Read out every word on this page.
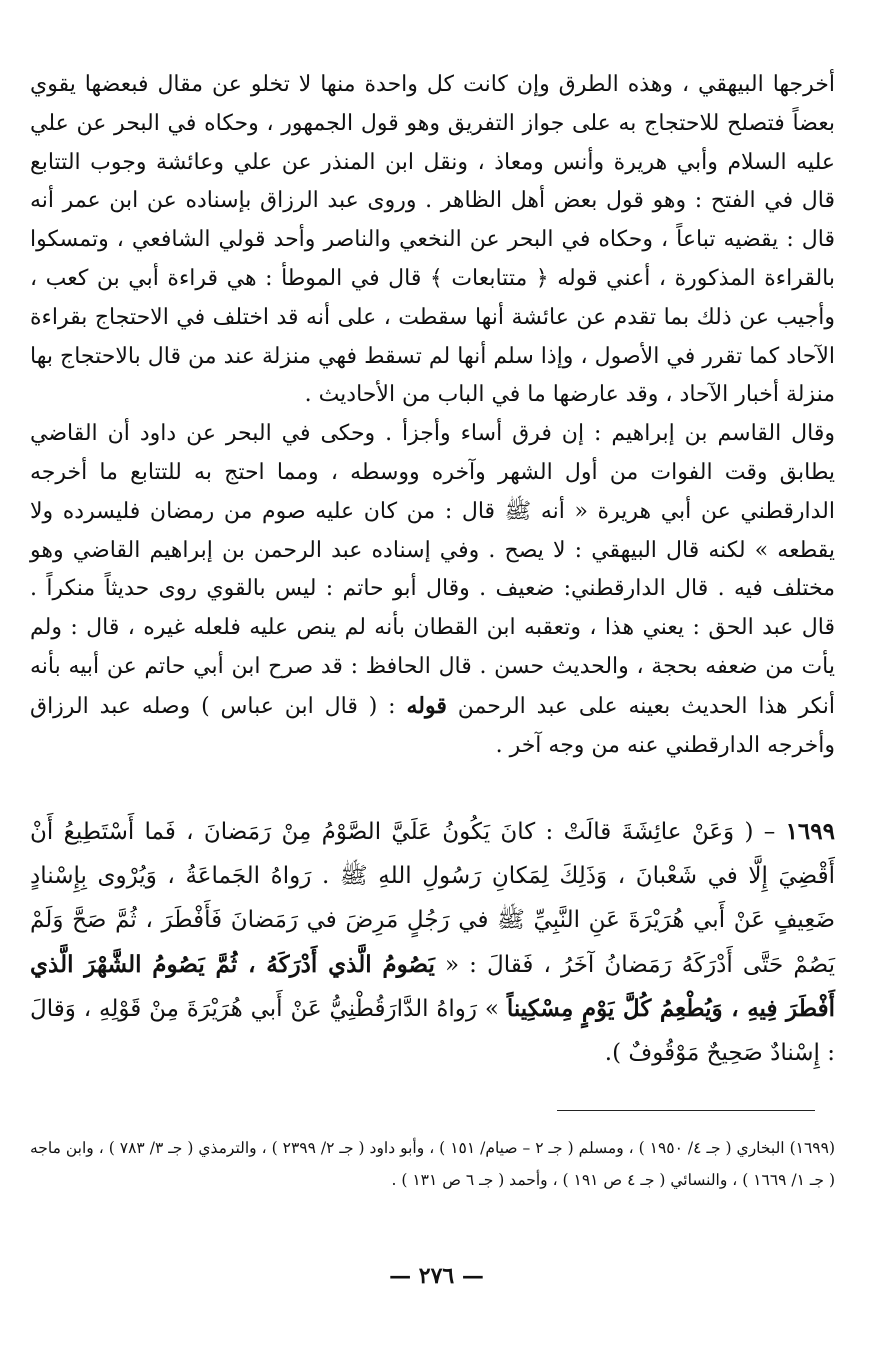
أخرجها البيهقي ، وهذه الطرق وإن كانت كل واحدة منها لا تخلو عن مقال فبعضها يقوي بعضاً فتصلح للاحتجاج به على جواز التفريق وهو قول الجمهور ، وحكاه في البحر عن علي عليه السلام وأبي هريرة وأنس ومعاذ ، ونقل ابن المنذر عن علي وعائشة وجوب التتابع قال في الفتح : وهو قول بعض أهل الظاهر . وروى عبد الرزاق بإسناده عن ابن عمر أنه قال : يقضيه تباعاً ، وحكاه في البحر عن النخعي والناصر وأحد قولي الشافعي ، وتمسكوا بالقراءة المذكورة ، أعني قوله ﴿ متتابعات ﴾ قال في الموطأ : هي قراءة أبي بن كعب ، وأجيب عن ذلك بما تقدم عن عائشة أنها سقطت ، على أنه قد اختلف في الاحتجاج بقراءة الآحاد كما تقرر في الأصول ، وإذا سلم أنها لم تسقط فهي منزلة عند من قال بالاحتجاج بها منزلة أخبار الآحاد ، وقد عارضها ما في الباب من الأحاديث .

وقال القاسم بن إبراهيم : إن فرق أساء وأجزأ . وحكى في البحر عن داود أن القاضي يطابق وقت الفوات من أول الشهر وآخره ووسطه ، ومما احتج به للتتابع ما أخرجه الدارقطني عن أبي هريرة « أنه ﷺ قال : من كان عليه صوم من رمضان فليسرده ولا يقطعه » لكنه قال البيهقي : لا يصح . وفي إسناده عبد الرحمن بن إبراهيم القاضي وهو مختلف فيه . قال الدارقطني: ضعيف . وقال أبو حاتم : ليس بالقوي روى حديثاً منكراً . قال عبد الحق : يعني هذا ، وتعقبه ابن القطان بأنه لم ينص عليه فلعله غيره ، قال : ولم يأت من ضعفه بحجة ، والحديث حسن . قال الحافظ : قد صرح ابن أبي حاتم عن أبيه بأنه أنكر هذا الحديث بعينه على عبد الرحمن قوله : ( قال ابن عباس ) وصله عبد الرزاق وأخرجه الدارقطني عنه من وجه آخر .

١٦٩٩ – ( وَعَنْ عائِشَةَ قالَتْ : كانَ يَكُونُ عَلَيَّ الصَّوْمُ مِنْ رَمَضانَ ، فَما أَسْتَطِيعُ أَنْ أَقْضِيَ إِلَّا في شَعْبانَ ، وَذَلِكَ لِمَكانِ رَسُولِ اللهِ ﷺ . رَواهُ الجَماعَةُ ، وَيُرْوى بِإِسْنادٍ ضَعِيفٍ عَنْ أَبي هُرَيْرَةَ عَنِ النَّبِيِّ ﷺ في رَجُلٍ مَرِضَ في رَمَضانَ فَأَفْطَرَ ، ثُمَّ صَحَّ وَلَمْ يَصُمْ حَتَّى أَدْرَكَهُ رَمَضانُ آخَرُ ، فَقالَ : « يَصُومُ الَّذي أَدْرَكَهُ ، ثُمَّ يَصُومُ الشَّهْرَ الَّذي أَفْطَرَ فِيهِ ، وَيُطْعِمُ كُلَّ يَوْمٍ مِسْكِيناً » رَواهُ الدَّارَقُطْنِيُّ عَنْ أَبي هُرَيْرَةَ مِنْ قَوْلِهِ ، وَقالَ : إِسْنادٌ صَحِيحٌ مَوْقُوفٌ ).

(١٦٩٩) البخاري ( جـ ٤/ ١٩٥٠ ) ، ومسلم ( جـ ٢ – صيام/ ١٥١ ) ، وأبو داود ( جـ ٢/ ٢٣٩٩ ) ، والترمذي ( جـ ٣/ ٧٨٣ ) ، وابن ماجه ( جـ ١/ ١٦٦٩ ) ، والنسائي ( جـ ٤ ص ١٩١ ) ، وأحمد ( جـ ٦ ص ١٣١ ) .

— ٢٧٦ —
